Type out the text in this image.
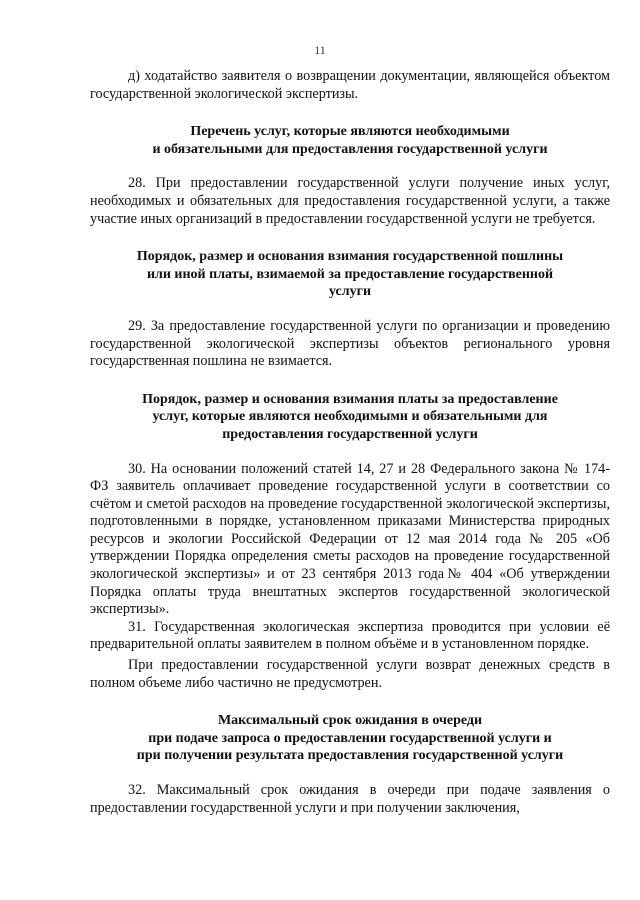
11

д) ходатайство заявителя о возвращении документации, являющейся объектом государственной экологической экспертизы.

Перечень услуг, которые являются необходимыми
и обязательными для предоставления государственной услуги

28. При предоставлении государственной услуги получение иных услуг, необходимых и обязательных для предоставления государственной услуги, а также участие иных организаций в предоставлении государственной услуги не требуется.

Порядок, размер и основания взимания государственной пошлины
или иной платы, взимаемой за предоставление государственной
услуги

29. За предоставление государственной услуги по организации и проведению государственной экологической экспертизы объектов регионального уровня государственная пошлина не взимается.

Порядок, размер и основания взимания платы за предоставление
услуг, которые являются необходимыми и обязательными для
предоставления государственной услуги

30. На основании положений статей 14, 27 и 28 Федерального закона № 174-ФЗ заявитель оплачивает проведение государственной услуги в соответствии со счётом и сметой расходов на проведение государственной экологической экспертизы, подготовленными в порядке, установленном приказами Министерства природных ресурсов и экологии Российской Федерации от 12 мая 2014 года № 205 «Об утверждении Порядка определения сметы расходов на проведение государственной экологической экспертизы» и от 23 сентября 2013 года№ 404 «Об утверждении Порядка оплаты труда внештатных экспертов государственной экологической экспертизы».

31. Государственная экологическая экспертиза проводится при условии её предварительной оплаты заявителем в полном объёме и в установленном порядке.

При предоставлении государственной услуги возврат денежных средств в полном объеме либо частично не предусмотрен.

Максимальный срок ожидания в очереди
при подаче запроса о предоставлении государственной услуги и
при получении результата предоставления государственной услуги

32. Максимальный срок ожидания в очереди при подаче заявления о предоставлении государственной услуги и при получении заключения,
